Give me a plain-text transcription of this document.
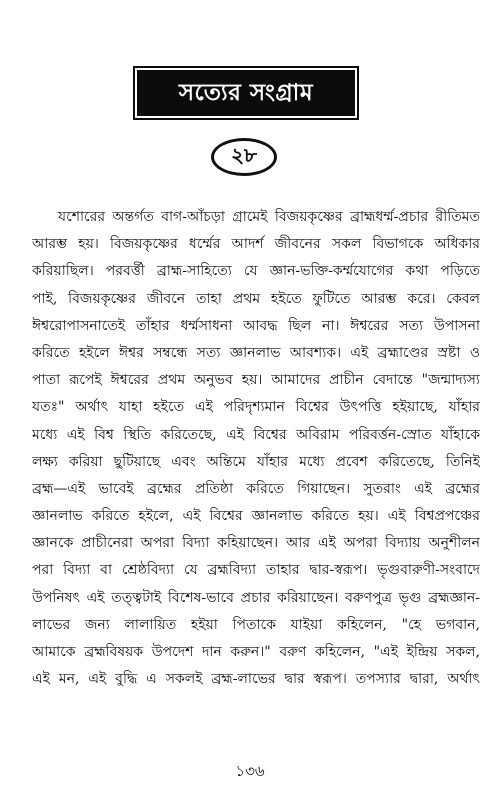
সত্যের সংগ্রাম
২৮
যশোরের অন্তর্গত বাগ-আঁচড়া গ্রামেই বিজয়কৃষ্ণের ব্রাহ্মধর্ম্ম-প্রচার রীতিমত
আরম্ভ হয়। বিজয়কৃষ্ণের ধর্ম্মের আদর্শ জীবনের সকল বিভাগকে অধিকার
করিয়াছিল। পরবর্ত্তী ব্রাহ্ম-সাহিত্যে যে জ্ঞান-ভক্তি-কর্ম্মযোগের কথা পড়িতে
পাই, বিজয়কৃষ্ণের জীবনে তাহা প্রথম হইতে ফুটিতে আরম্ভ করে। কেবল
ঈশ্বরোপাসনাতেই তাঁহার ধর্ম্মসাধনা আবদ্ধ ছিল না। ঈশ্বরের সত্য উপাসনা
করিতে হইলে ঈশ্বর সম্বন্ধে সত্য জ্ঞানলাভ আবশ্যক। এই ব্রহ্মাণ্ডের স্রষ্টা ও
পাতা রূপেই ঈশ্বরের প্রথম অনুভব হয়। আমাদের প্রাচীন বেদান্তে "জন্মাদ্যস্য
যতঃ" অর্থাৎ যাহা হইতে এই পরিদৃশ্যমান বিশ্বের উৎপত্তি হইয়াছে, যাঁহার
মধ্যে এই বিশ্ব স্থিতি করিতেছে, এই বিশ্বের অবিরাম পরিবর্ত্তন-স্রোত যাঁহাকে
লক্ষ্য করিয়া ছুটিয়াছে এবং অন্তিমে যাঁহার মধ্যে প্রবেশ করিতেছে, তিনিই
ব্রহ্ম—এই ভাবেই ব্রহ্মের প্রতিষ্ঠা করিতে গিয়াছেন। সুতরাং এই ব্রহ্মের
জ্ঞানলাভ করিতে হইলে, এই বিশ্বের জ্ঞানলাভ করিতে হয়। এই বিশ্বপ্রপঞ্চের
জ্ঞানকে প্রাচীনেরা অপরা বিদ্যা কহিয়াছেন। আর এই অপরা বিদ্যায় অনুশীলন
পরা বিদ্যা বা শ্রেষ্ঠবিদ্যা যে ব্রহ্মবিদ্যা তাহার দ্বার-স্বরূপ। ভৃগুবারুণী-সংবাদে
উপনিষৎ এই তত্ত্বটাই বিশেষ-ভাবে প্রচার করিয়াছেন। বরুণপুত্র ভৃগু ব্রহ্মজ্ঞান-
লাভের জন্য লালায়িত হইয়া পিতাকে যাইয়া কহিলেন, "হে ভগবান,
আমাকে ব্রহ্মবিষয়ক উপদেশ দান করুন।" বরুণ কহিলেন, "এই ইন্দ্রিয় সকল,
এই মন, এই বুদ্ধি এ সকলই ব্রহ্ম-লাভের দ্বার স্বরূপ। তপস্যার দ্বারা, অর্থাৎ
১৩৬
